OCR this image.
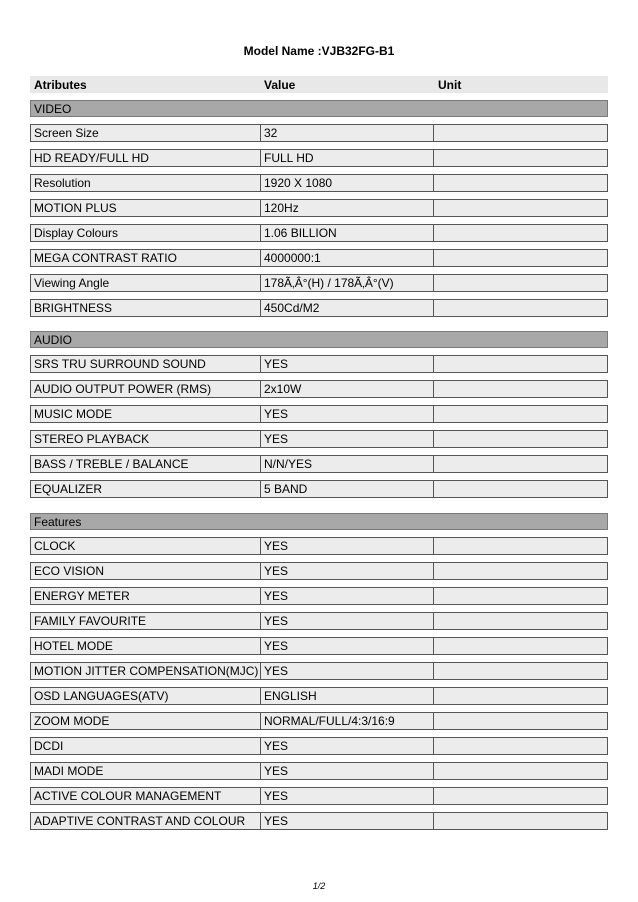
Model Name :VJB32FG-B1
Atributes	Value	Unit
VIDEO
Screen Size	32
HD READY/FULL HD	FULL HD
Resolution	1920 X 1080
MOTION PLUS	120Hz
Display Colours	1.06 BILLION
MEGA CONTRAST RATIO	4000000:1
Viewing Angle	178Ã‚Â°(H) / 178Ã‚Â°(V)
BRIGHTNESS	450Cd/M2
AUDIO
SRS TRU SURROUND SOUND	YES
AUDIO OUTPUT POWER (RMS)	2x10W
MUSIC MODE	YES
STEREO PLAYBACK	YES
BASS / TREBLE / BALANCE	N/N/YES
EQUALIZER	5 BAND
Features
CLOCK	YES
ECO VISION	YES
ENERGY METER	YES
FAMILY FAVOURITE	YES
HOTEL MODE	YES
MOTION JITTER COMPENSATION(MJC) YES
OSD LANGUAGES(ATV)	ENGLISH
ZOOM MODE	NORMAL/FULL/4:3/16:9
DCDI	YES
MADI MODE	YES
ACTIVE COLOUR MANAGEMENT	YES
ADAPTIVE CONTRAST AND COLOUR	YES
1/2
